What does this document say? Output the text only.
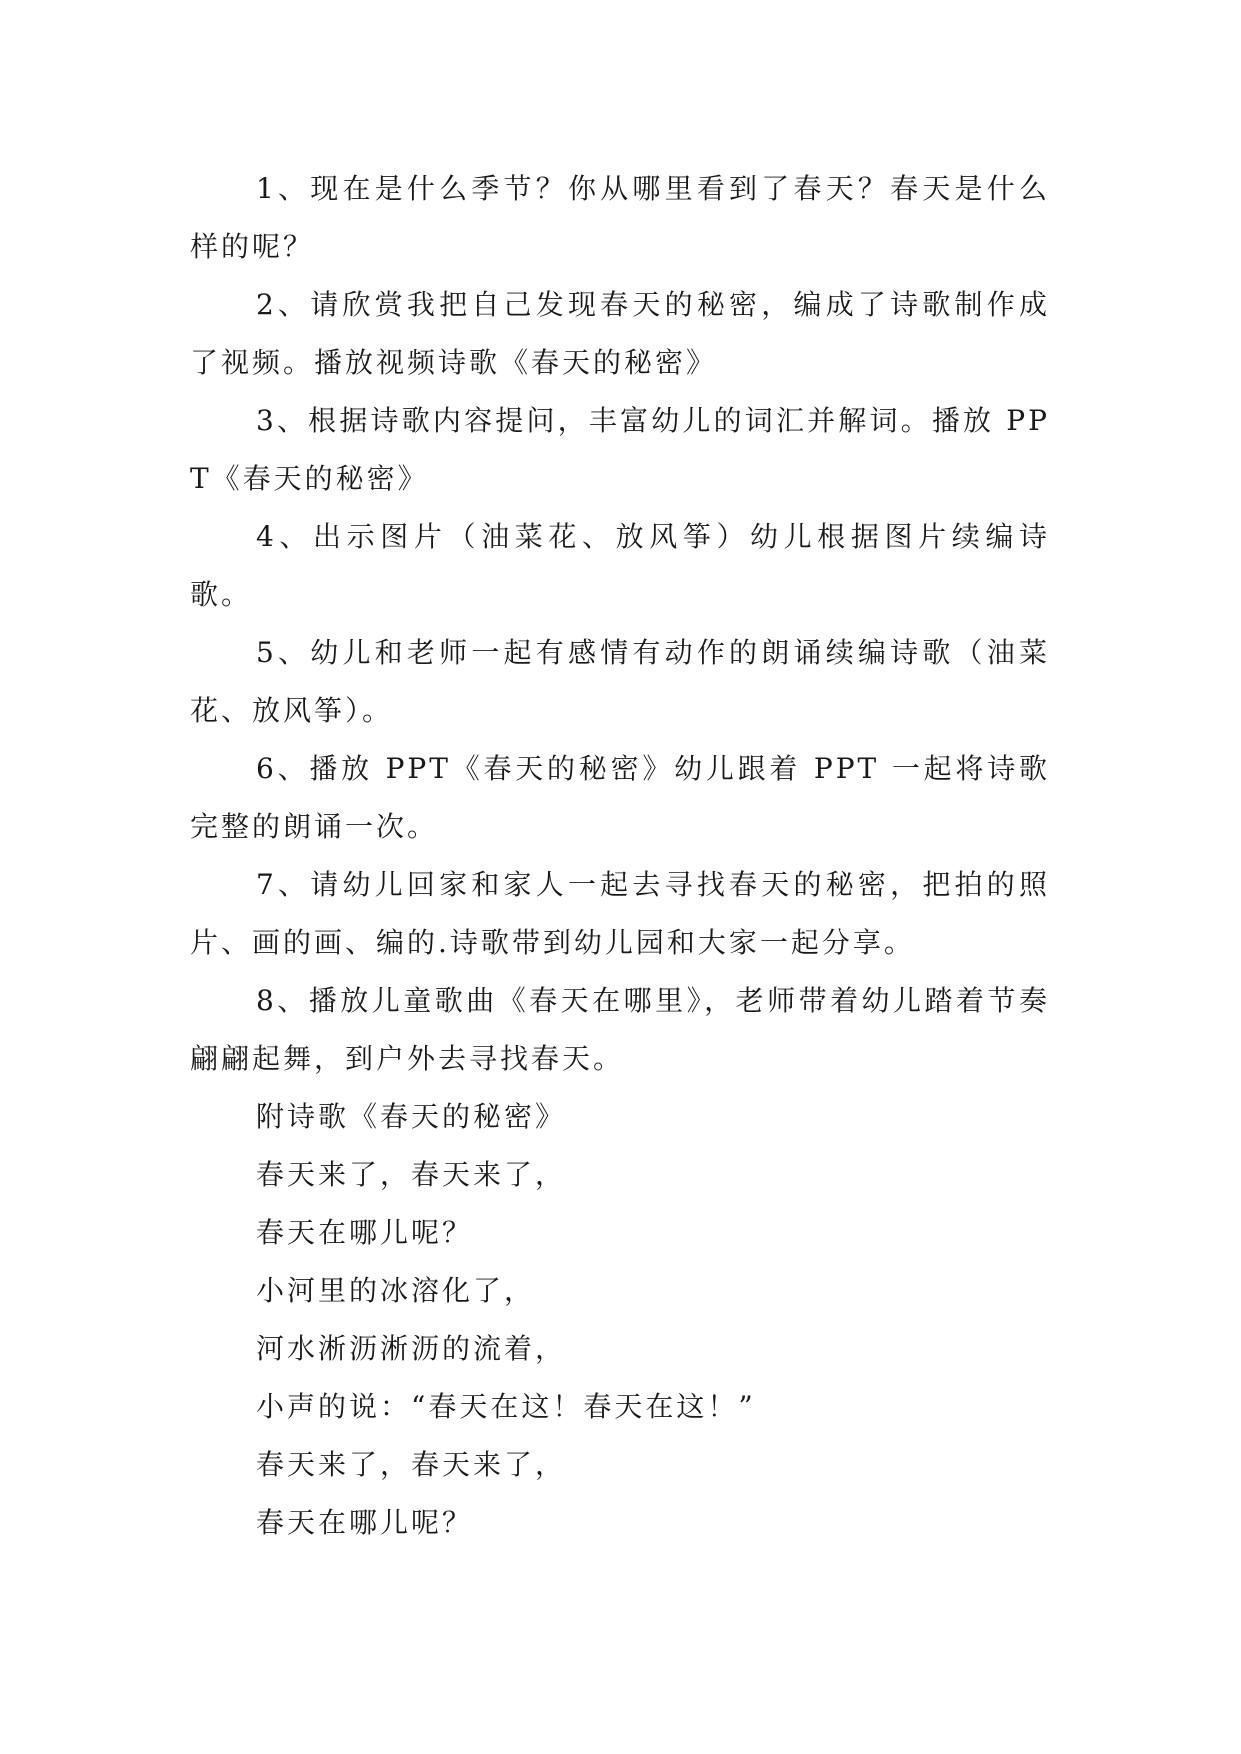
1、现在是什么季节？你从哪里看到了春天？春天是什么样的呢？

2、请欣赏我把自己发现春天的秘密，编成了诗歌制作成了视频。播放视频诗歌《春天的秘密》

3、根据诗歌内容提问，丰富幼儿的词汇并解词。播放 PPT《春天的秘密》

4、出示图片（油菜花、放风筝）幼儿根据图片续编诗歌。

5、幼儿和老师一起有感情有动作的朗诵续编诗歌（油菜花、放风筝）。

6、播放 PPT《春天的秘密》幼儿跟着 PPT 一起将诗歌完整的朗诵一次。

7、请幼儿回家和家人一起去寻找春天的秘密，把拍的照片、画的画、编的.诗歌带到幼儿园和大家一起分享。

8、播放儿童歌曲《春天在哪里》，老师带着幼儿踏着节奏翩翩起舞，到户外去寻找春天。

附诗歌《春天的秘密》
春天来了，春天来了，
春天在哪儿呢？
小河里的冰溶化了，
河水淅沥淅沥的流着，
小声的说：“春天在这！春天在这！”
春天来了，春天来了，
春天在哪儿呢？
